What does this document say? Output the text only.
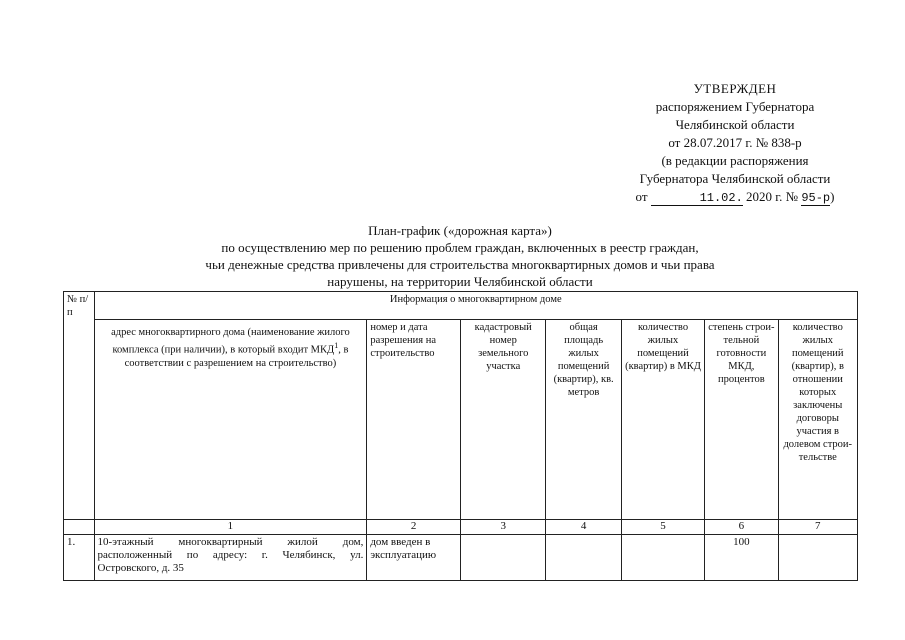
УТВЕРЖДЕН
распоряжением Губернатора
Челябинской области
от 28.07.2017 г. № 838-р
(в редакции распоряжения
Губернатора Челябинской области
от	11.02. 2020 г. № 95-р)
План-график («дорожная карта»)
по осуществлению мер по решению проблем граждан, включенных в реестр граждан,
чьи денежные средства привлечены для строительства многоквартирных домов и чьи права
нарушены, на территории Челябинской области
№ п/п	Информация о многоквартирном доме						
	адрес многоквартирного дома (наименование жилого комплекса (при наличии), в который входит МКД$^1$, в соответствии с разрешением на строительство)	номер и дата разрешения на строительство	кадастровый номер земельного участка	общая площадь жилых помещений (квартир), кв. метров	количество жилых помещений (квартир) в МКД	степень строи-тельной готовности МКД, процентов	количество жилых помещений (квартир), в отношении которых заключены договоры участия в долевом строи-тельстве
	1	2	3	4	5	6	7
1.	10-этажный многоквартирный жилой дом, расположенный по адресу: г. Челябинск, ул. Островского, д. 35	дом введен в эксплуатацию				100	
